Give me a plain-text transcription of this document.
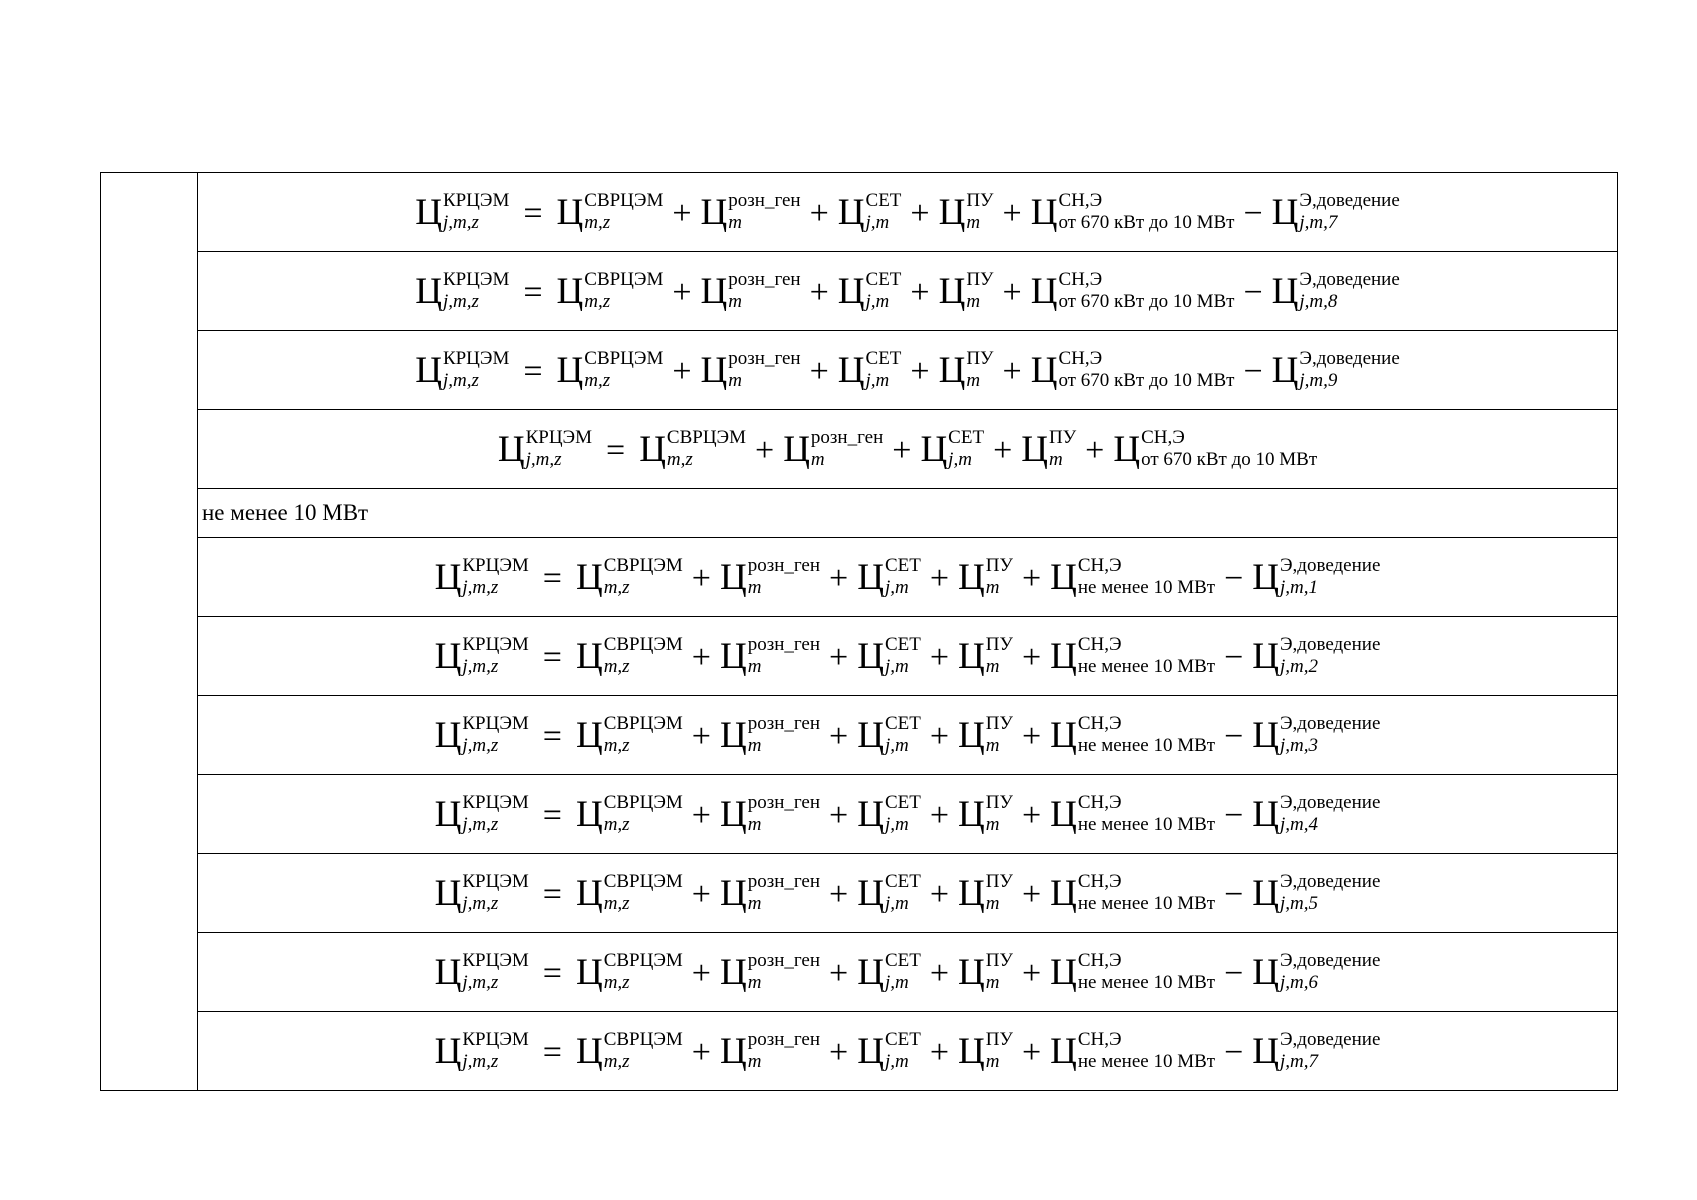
Ц КРЦЭМ
j,m,z = Ц СВРЦЭМ
m,z + Ц розн_ген
m + Ц СЕТ
j,m + Ц ПУ
m + Ц СН,Э
от 670 кВт до 10 МВт − Ц Э,доведение
j,m,7

Ц КРЦЭМ
j,m,z = Ц СВРЦЭМ
m,z + Ц розн_ген
m + Ц СЕТ
j,m + Ц ПУ
m + Ц СН,Э
от 670 кВт до 10 МВт − Ц Э,доведение
j,m,8

Ц КРЦЭМ
j,m,z = Ц СВРЦЭМ
m,z + Ц розн_ген
m + Ц СЕТ
j,m + Ц ПУ
m + Ц СН,Э
от 670 кВт до 10 МВт − Ц Э,доведение
j,m,9

Ц КРЦЭМ
j,m,z = Ц СВРЦЭМ
m,z + Ц розн_ген
m + Ц СЕТ
j,m + Ц ПУ
m + Ц СН,Э
от 670 кВт до 10 МВт

не менее 10 МВт

Ц КРЦЭМ
j,m,z = Ц СВРЦЭМ
m,z + Ц розн_ген
m + Ц СЕТ
j,m + Ц ПУ
m + Ц СН,Э
не менее 10 МВт − Ц Э,доведение
j,m,1

Ц КРЦЭМ
j,m,z = Ц СВРЦЭМ
m,z + Ц розн_ген
m + Ц СЕТ
j,m + Ц ПУ
m + Ц СН,Э
не менее 10 МВт − Ц Э,доведение
j,m,2

Ц КРЦЭМ
j,m,z = Ц СВРЦЭМ
m,z + Ц розн_ген
m + Ц СЕТ
j,m + Ц ПУ
m + Ц СН,Э
не менее 10 МВт − Ц Э,доведение
j,m,3

Ц КРЦЭМ
j,m,z = Ц СВРЦЭМ
m,z + Ц розн_ген
m + Ц СЕТ
j,m + Ц ПУ
m + Ц СН,Э
не менее 10 МВт − Ц Э,доведение
j,m,4

Ц КРЦЭМ
j,m,z = Ц СВРЦЭМ
m,z + Ц розн_ген
m + Ц СЕТ
j,m + Ц ПУ
m + Ц СН,Э
не менее 10 МВт − Ц Э,доведение
j,m,5

Ц КРЦЭМ
j,m,z = Ц СВРЦЭМ
m,z + Ц розн_ген
m + Ц СЕТ
j,m + Ц ПУ
m + Ц СН,Э
не менее 10 МВт − Ц Э,доведение
j,m,6

Ц КРЦЭМ
j,m,z = Ц СВРЦЭМ
m,z + Ц розн_ген
m + Ц СЕТ
j,m + Ц ПУ
m + Ц СН,Э
не менее 10 МВт − Ц Э,доведение
j,m,7
